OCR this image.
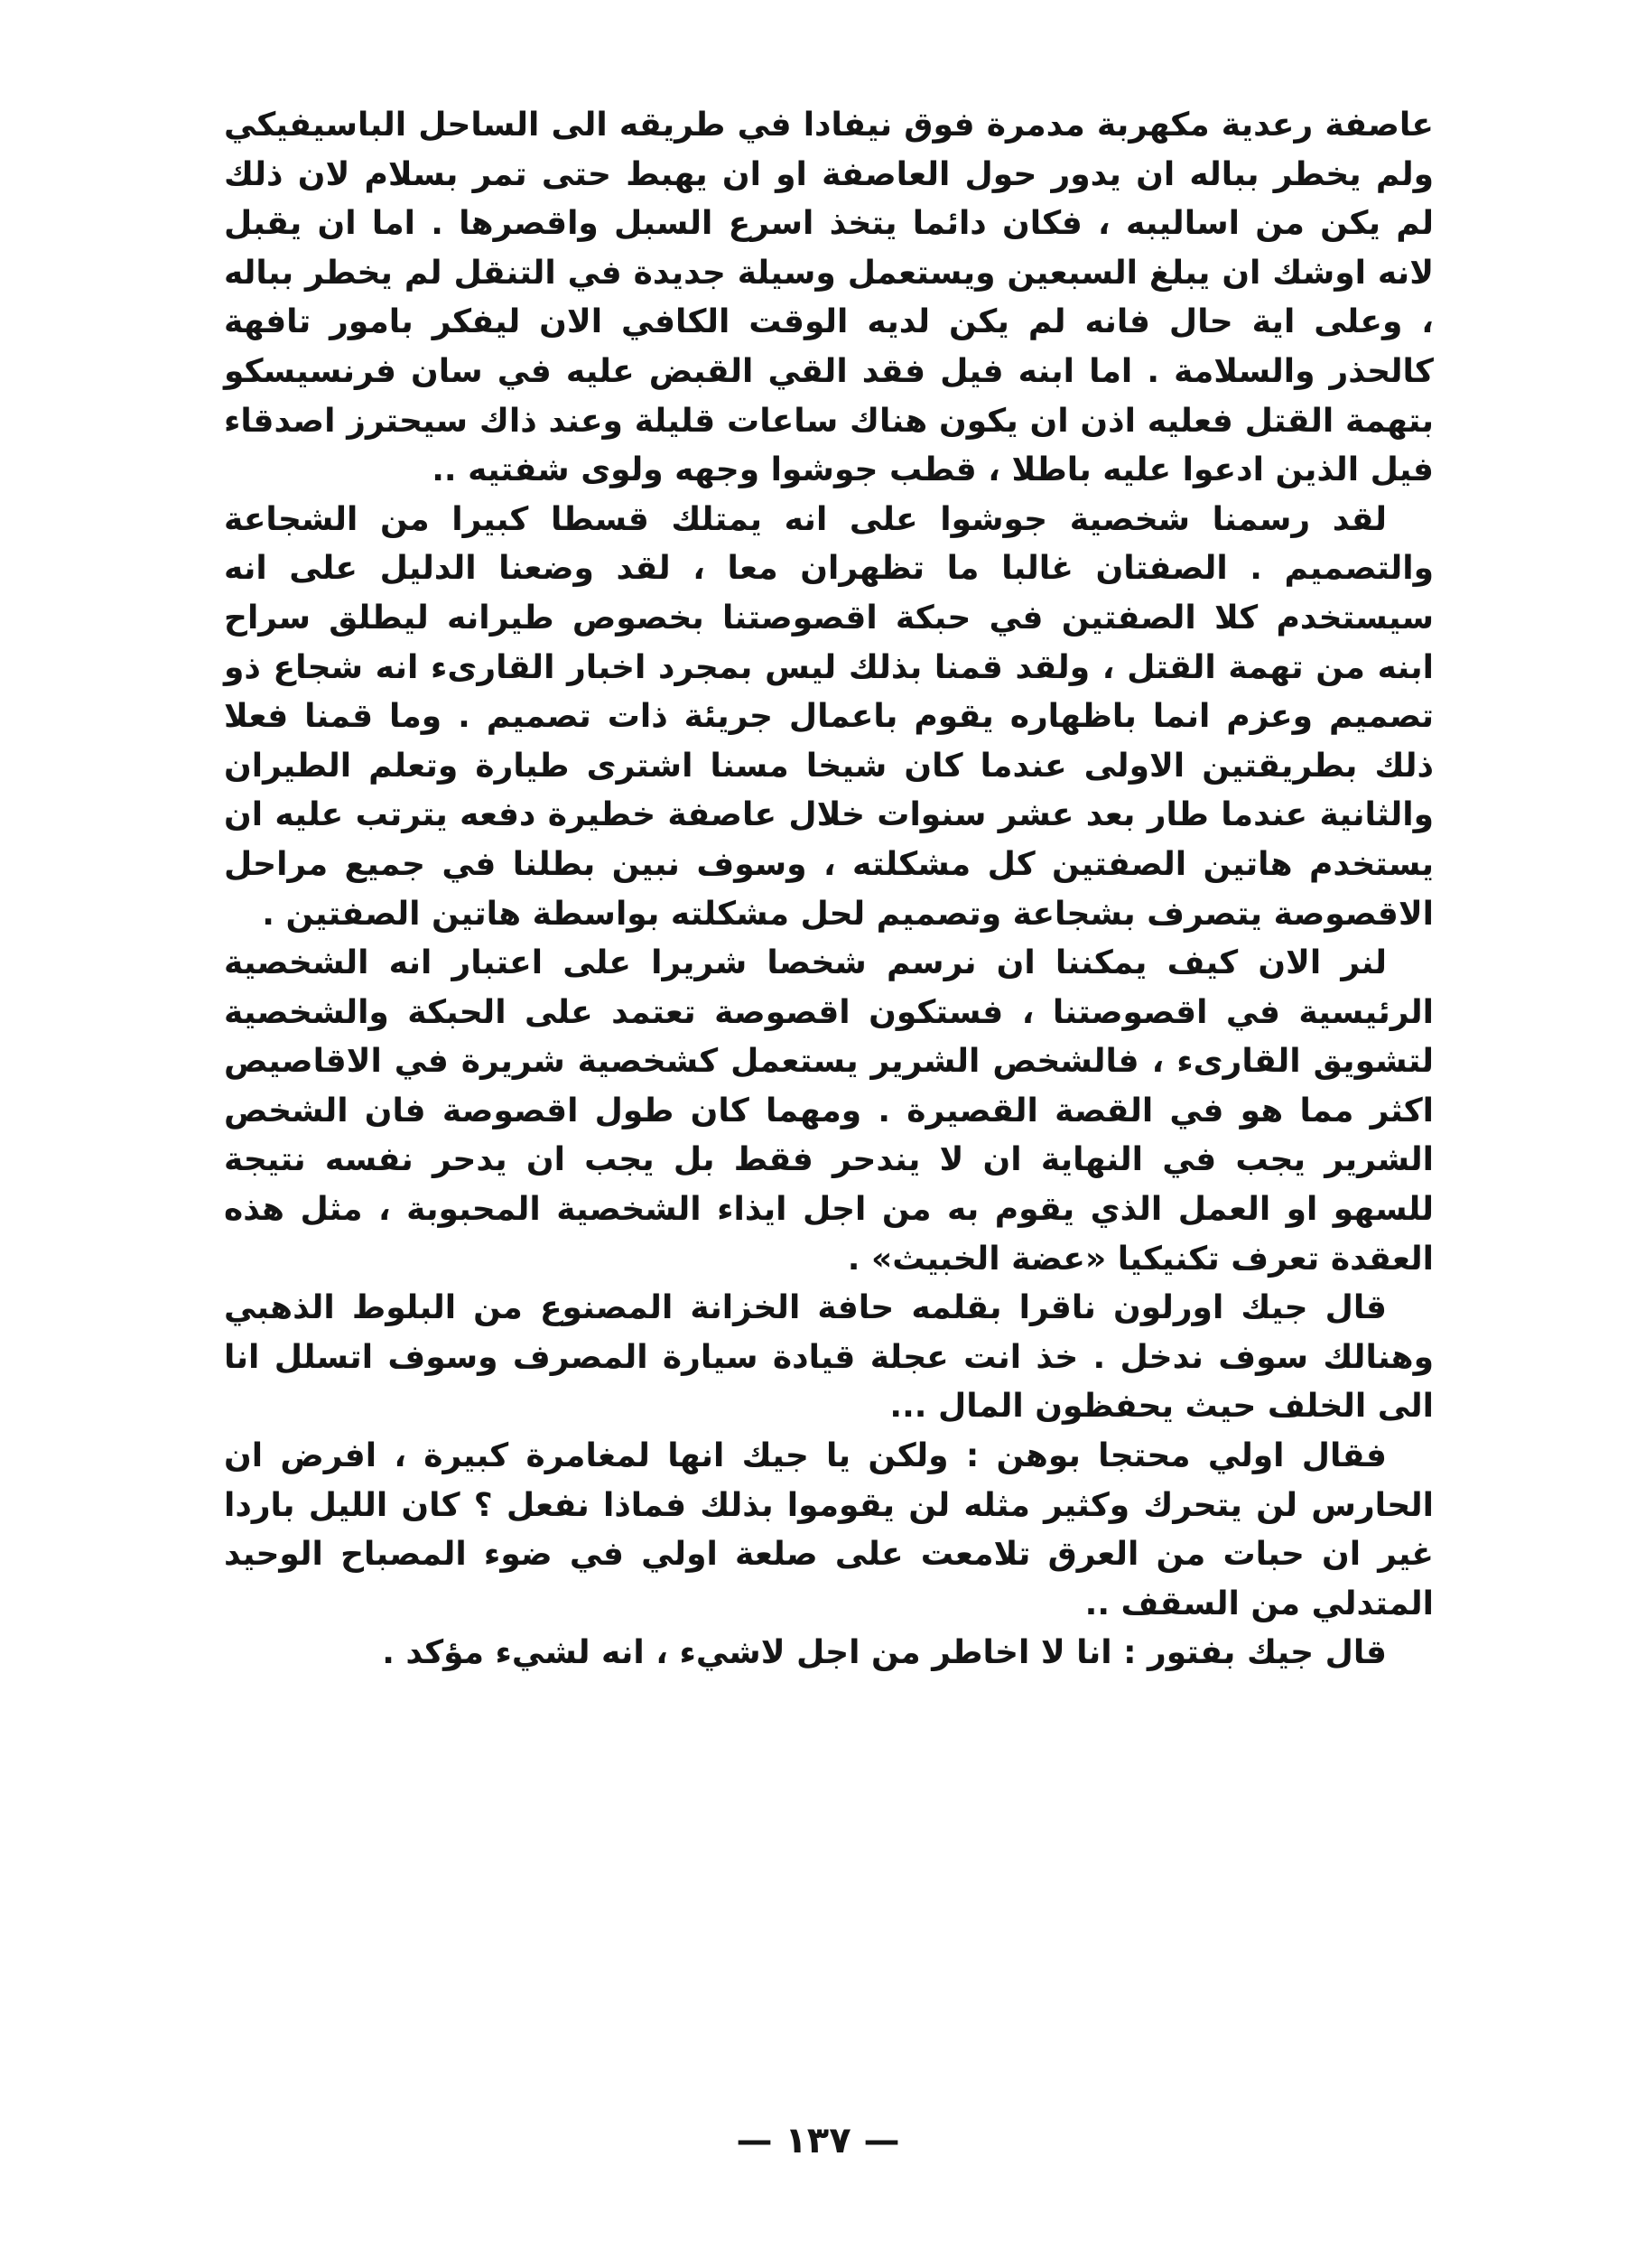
عاصفة رعدية مكهربة مدمرة فوق نيفادا في طريقه الى الساحل الباسيفيكي ولم يخطر بباله ان يدور حول العاصفة او ان يهبط حتى تمر بسلام لان ذلك لم يكن من اساليبه ، فكان دائما يتخذ اسرع السبل واقصرها . اما ان يقبل لانه اوشك ان يبلغ السبعين ويستعمل وسيلة جديدة في التنقل لم يخطر بباله ، وعلى اية حال فانه لم يكن لديه الوقت الكافي الان ليفكر بامور تافهة كالحذر والسلامة . اما ابنه فيل فقد القي القبض عليه في سان فرنسيسكو بتهمة القتل فعليه اذن ان يكون هناك ساعات قليلة وعند ذاك سيحترز اصدقاء فيل الذين ادعوا عليه باطلا ، قطب جوشوا وجهه ولوى شفتيه ..

لقد رسمنا شخصية جوشوا على انه يمتلك قسطا كبيرا من الشجاعة والتصميم . الصفتان غالبا ما تظهران معا ، لقد وضعنا الدليل على انه سيستخدم كلا الصفتين في حبكة اقصوصتنا بخصوص طيرانه ليطلق سراح ابنه من تهمة القتل ، ولقد قمنا بذلك ليس بمجرد اخبار القارىء انه شجاع ذو تصميم وعزم انما باظهاره يقوم باعمال جريئة ذات تصميم . وما قمنا فعلا ذلك بطريقتين الاولى عندما كان شيخا مسنا اشترى طيارة وتعلم الطيران والثانية عندما طار بعد عشر سنوات خلال عاصفة خطيرة دفعه يترتب عليه ان يستخدم هاتين الصفتين كل مشكلته ، وسوف نبين بطلنا في جميع مراحل الاقصوصة يتصرف بشجاعة وتصميم لحل مشكلته بواسطة هاتين الصفتين .

لنر الان كيف يمكننا ان نرسم شخصا شريرا على اعتبار انه الشخصية الرئيسية في اقصوصتنا ، فستكون اقصوصة تعتمد على الحبكة والشخصية لتشويق القارىء ، فالشخص الشرير يستعمل كشخصية شريرة في الاقاصيص اكثر مما هو في القصة القصيرة . ومهما كان طول اقصوصة فان الشخص الشرير يجب في النهاية ان لا يندحر فقط بل يجب ان يدحر نفسه نتيجة للسهو او العمل الذي يقوم به من اجل ايذاء الشخصية المحبوبة ، مثل هذه العقدة تعرف تكنيكيا «عضة الخبيث» .

قال جيك اورلون ناقرا بقلمه حافة الخزانة المصنوع من البلوط الذهبي وهنالك سوف ندخل . خذ انت عجلة قيادة سيارة المصرف وسوف اتسلل انا الى الخلف حيث يحفظون المال ...

فقال اولي محتجا بوهن : ولكن يا جيك انها لمغامرة كبيرة ، افرض ان الحارس لن يتحرك وكثير مثله لن يقوموا بذلك فماذا نفعل ؟ كان الليل باردا غير ان حبات من العرق تلامعت على صلعة اولي في ضوء المصباح الوحيد المتدلي من السقف ..

قال جيك بفتور : انا لا اخاطر من اجل لاشيء ، انه لشيء مؤكد .

— ١٣٧ —
